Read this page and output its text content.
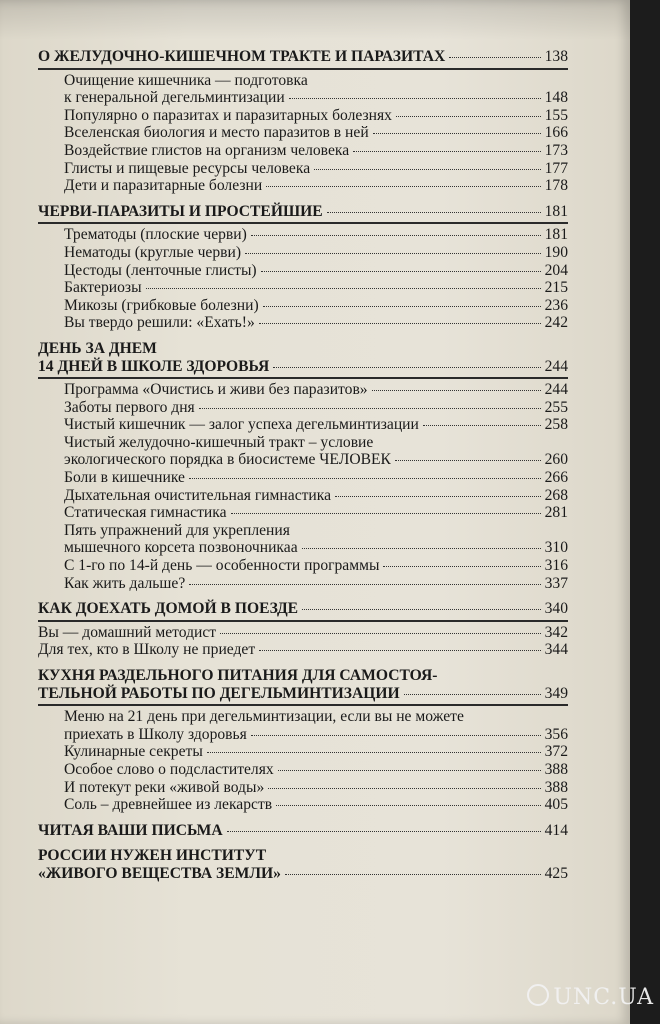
О ЖЕЛУДОЧНО-КИШЕЧНОМ ТРАКТЕ И ПАРАЗИТАХ	138
Очищение кишечника — подготовка
к генеральной дегельминтизации	148
Популярно о паразитах и паразитарных болезнях	155
Вселенская биология и место паразитов в ней	166
Воздействие глистов на организм человека	173
Глисты и пищевые ресурсы человека	177
Дети и паразитарные болезни	178
ЧЕРВИ-ПАРАЗИТЫ И ПРОСТЕЙШИЕ	181
Трематоды (плоские черви)	181
Нематоды (круглые черви)	190
Цестоды (ленточные глисты)	204
Бактериозы	215
Микозы (грибковые болезни)	236
Вы твердо решили: «Ехать!»	242
ДЕНЬ ЗА ДНЕМ
14 ДНЕЙ В ШКОЛЕ ЗДОРОВЬЯ	244
Программа «Очистись и живи без паразитов»	244
Заботы первого дня	255
Чистый кишечник — залог успеха дегельминтизации	258
Чистый желудочно-кишечный тракт – условие
экологического порядка в биосистеме ЧЕЛОВЕК	260
Боли в кишечнике	266
Дыхательная очистительная гимнастика	268
Статическая гимнастика	281
Пять упражнений для укрепления
мышечного корсета позвоночникаа	310
С 1-го по 14-й день — особенности программы	316
Как жить дальше?	337
КАК ДОЕХАТЬ ДОМОЙ В ПОЕЗДЕ	340
Вы — домашний методист	342
Для тех, кто в Школу не приедет	344
КУХНЯ РАЗДЕЛЬНОГО ПИТАНИЯ ДЛЯ САМОСТОЯ-
ТЕЛЬНОЙ РАБОТЫ ПО ДЕГЕЛЬМИНТИЗАЦИИ	349
Меню на 21 день при дегельминтизации, если вы не можете
приехать в Школу здоровья	356
Кулинарные секреты	372
Особое слово о подсластителях	388
И потекут реки «живой воды»	388
Соль – древнейшее из лекарств	405
ЧИТАЯ ВАШИ ПИСЬМА	414
РОССИИ НУЖЕН ИНСТИТУТ
«ЖИВОГО ВЕЩЕСТВА ЗЕМЛИ»	425
UNC.UA
